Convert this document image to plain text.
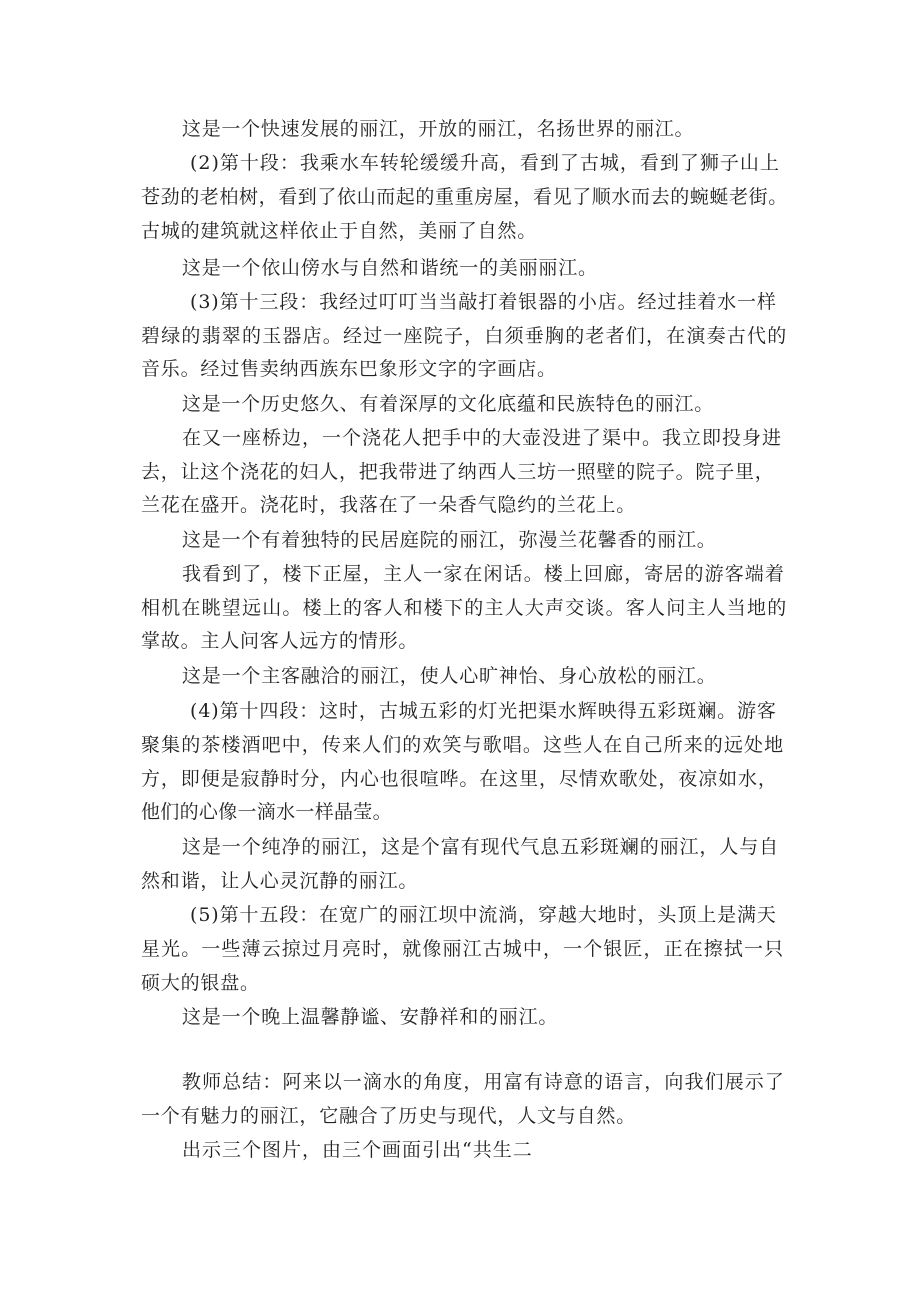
这是一个快速发展的丽江，开放的丽江，名扬世界的丽江。
(2)第十段：我乘水车转轮缓缓升高，看到了古城，看到了狮子山上
苍劲的老柏树，看到了依山而起的重重房屋，看见了顺水而去的蜿蜒老街。
古城的建筑就这样依止于自然，美丽了自然。
这是一个依山傍水与自然和谐统一的美丽丽江。
(3)第十三段：我经过叮叮当当敲打着银器的小店。经过挂着水一样
碧绿的翡翠的玉器店。经过一座院子，白须垂胸的老者们，在演奏古代的
音乐。经过售卖纳西族东巴象形文字的字画店。
这是一个历史悠久、有着深厚的文化底蕴和民族特色的丽江。
在又一座桥边，一个浇花人把手中的大壶没进了渠中。我立即投身进
去，让这个浇花的妇人，把我带进了纳西人三坊一照壁的院子。院子里，
兰花在盛开。浇花时，我落在了一朵香气隐约的兰花上。
这是一个有着独特的民居庭院的丽江，弥漫兰花馨香的丽江。
我看到了，楼下正屋，主人一家在闲话。楼上回廊，寄居的游客端着
相机在眺望远山。楼上的客人和楼下的主人大声交谈。客人问主人当地的
掌故。主人问客人远方的情形。
这是一个主客融洽的丽江，使人心旷神怡、身心放松的丽江。
(4)第十四段：这时，古城五彩的灯光把渠水辉映得五彩斑斓。游客
聚集的茶楼酒吧中，传来人们的欢笑与歌唱。这些人在自己所来的远处地
方，即便是寂静时分，内心也很喧哗。在这里，尽情欢歌处，夜凉如水，
他们的心像一滴水一样晶莹。
这是一个纯净的丽江，这是个富有现代气息五彩斑斓的丽江，人与自
然和谐，让人心灵沉静的丽江。
(5)第十五段：在宽广的丽江坝中流淌，穿越大地时，头顶上是满天
星光。一些薄云掠过月亮时，就像丽江古城中，一个银匠，正在擦拭一只
硕大的银盘。
这是一个晚上温馨静谧、安静祥和的丽江。
教师总结：阿来以一滴水的角度，用富有诗意的语言，向我们展示了
一个有魅力的丽江，它融合了历史与现代，人文与自然。
出示三个图片，由三个画面引出“共生二
